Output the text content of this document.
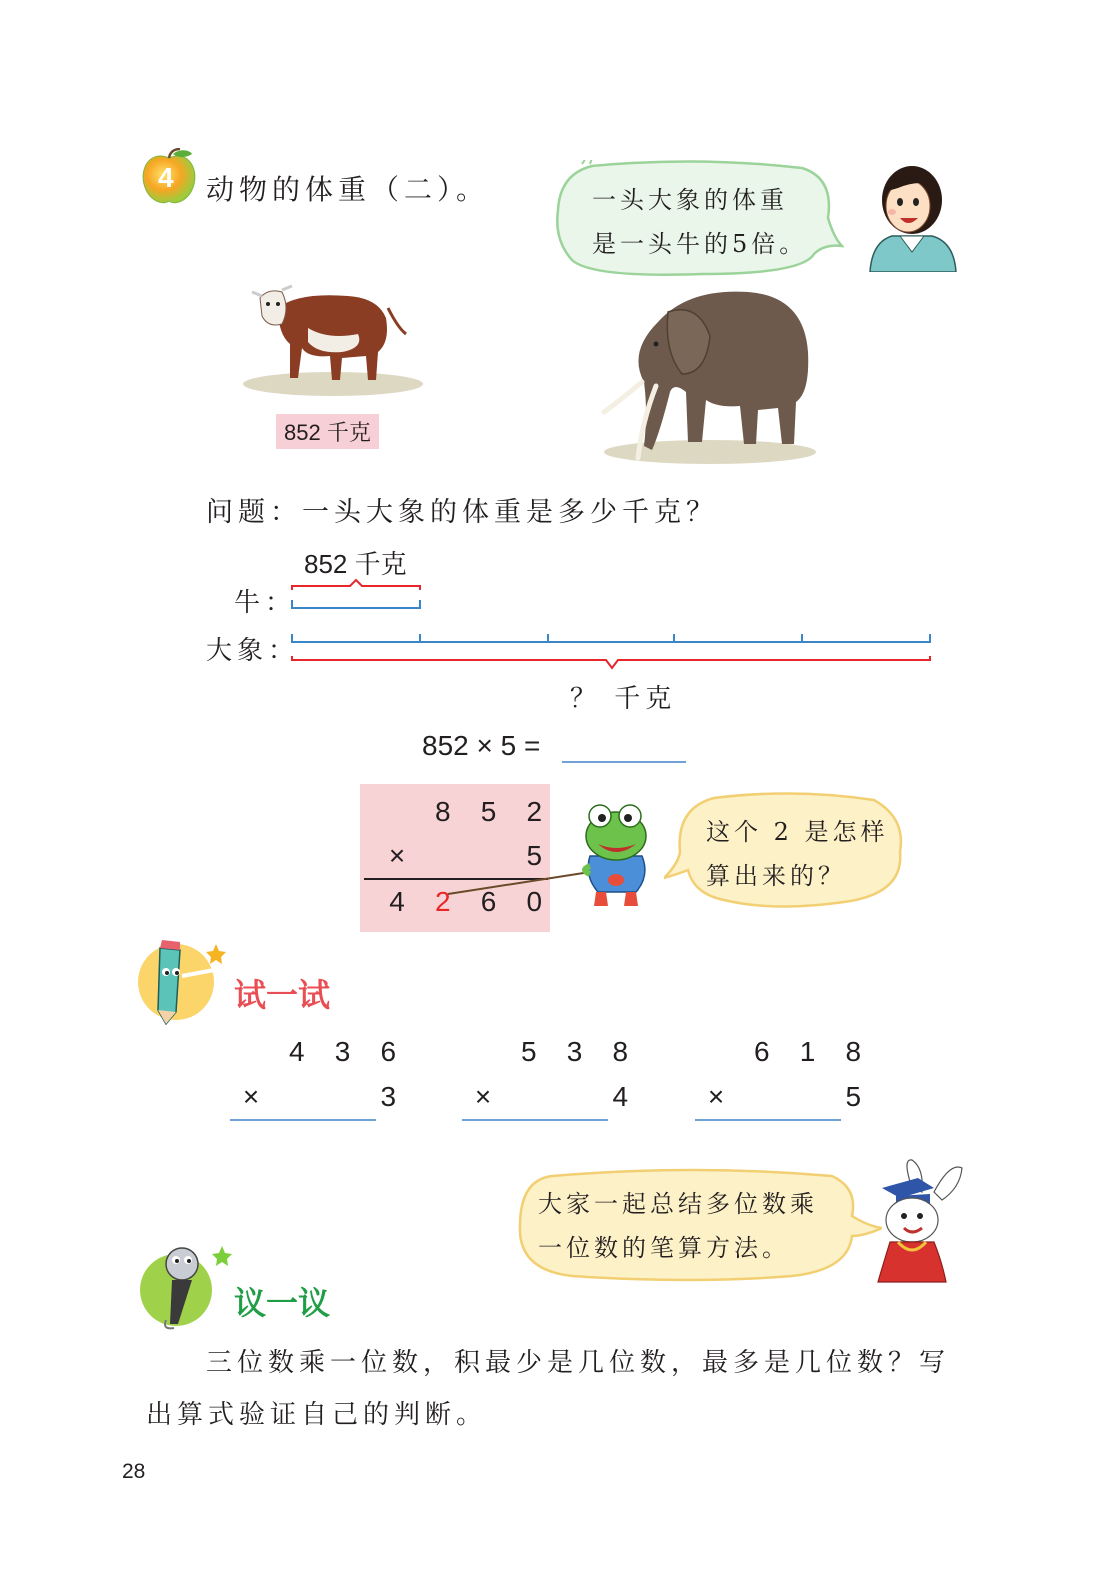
4 动物的体重（二）。	一头大象的体重
是一头牛的5倍。
852 千克
问题：一头大象的体重是多少千克？
852 千克
牛：
大象：
？ 千克
852 × 5 =
8 5 2
×	5
4 2 6 0
这个 2 是怎样
算出来的？
试一试
4 3 6
×	3
5 3 8
×	4
6 1 8
×	5
大家一起总结多位数乘
一位数的笔算方法。
议一议
三位数乘一位数，积最少是几位数，最多是几位数？写
出算式验证自己的判断。
28
